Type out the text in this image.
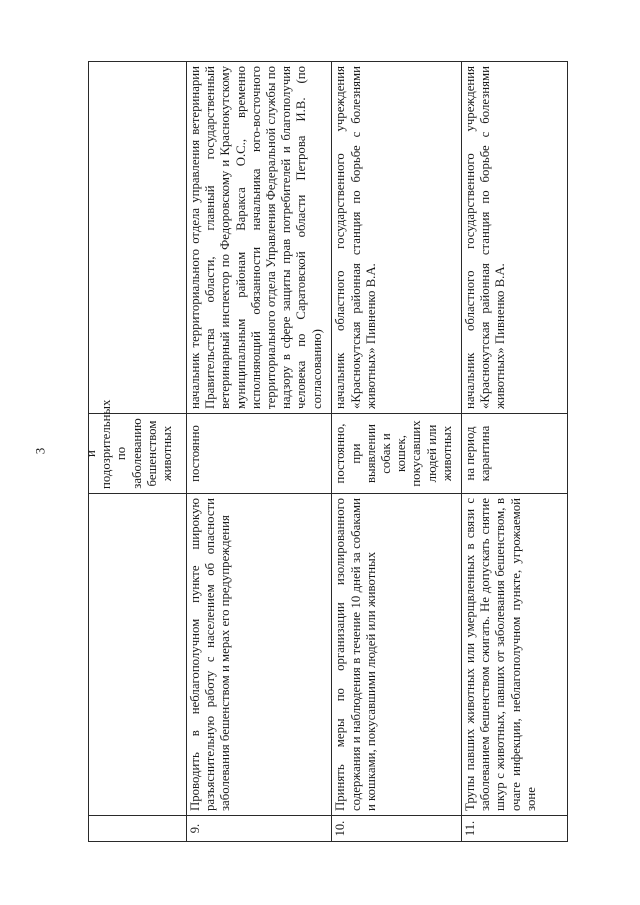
3

		и подозрительных по заболеванию бешенством животных	

9.	Проводить в неблагополучном пункте широкую разъяснительную работу с населением об опасности заболевания бешенством и мерах его предупреждения	постоянно	начальник территориального отдела управления ветеринарии Правительства области, главный государственный ветеринарный инспектор по Федоровскому и Краснокутскому муниципальным районам Варакса О.С., временно исполняющий обязанности начальника юго-восточного территориального отдела Управления Федеральной службы по надзору в сфере защиты прав потребителей и благополучия человека по Саратовской области Петрова И.В. (по согласованию)
10.	Принять меры по организации изолированного содержания и наблюдения в течение 10 дней за собаками и кошками, покусавшими людей или животных	постоянно, при выявлении собак и кошек, покусавших людей или животных	начальник областного государственного учреждения «Краснокутская районная станция по борьбе с болезнями животных» Пивненко В.А.
11.	Трупы павших животных или умерщвленных в связи с заболеванием бешенством сжигать. Не допускать снятие шкур с животных, павших от заболевания бешенством, в очаге инфекции, неблагополучном пункте, угрожаемой зоне	на период карантина	начальник областного государственного учреждения «Краснокутская районная станция по борьбе с болезнями животных» Пивненко В.А.
